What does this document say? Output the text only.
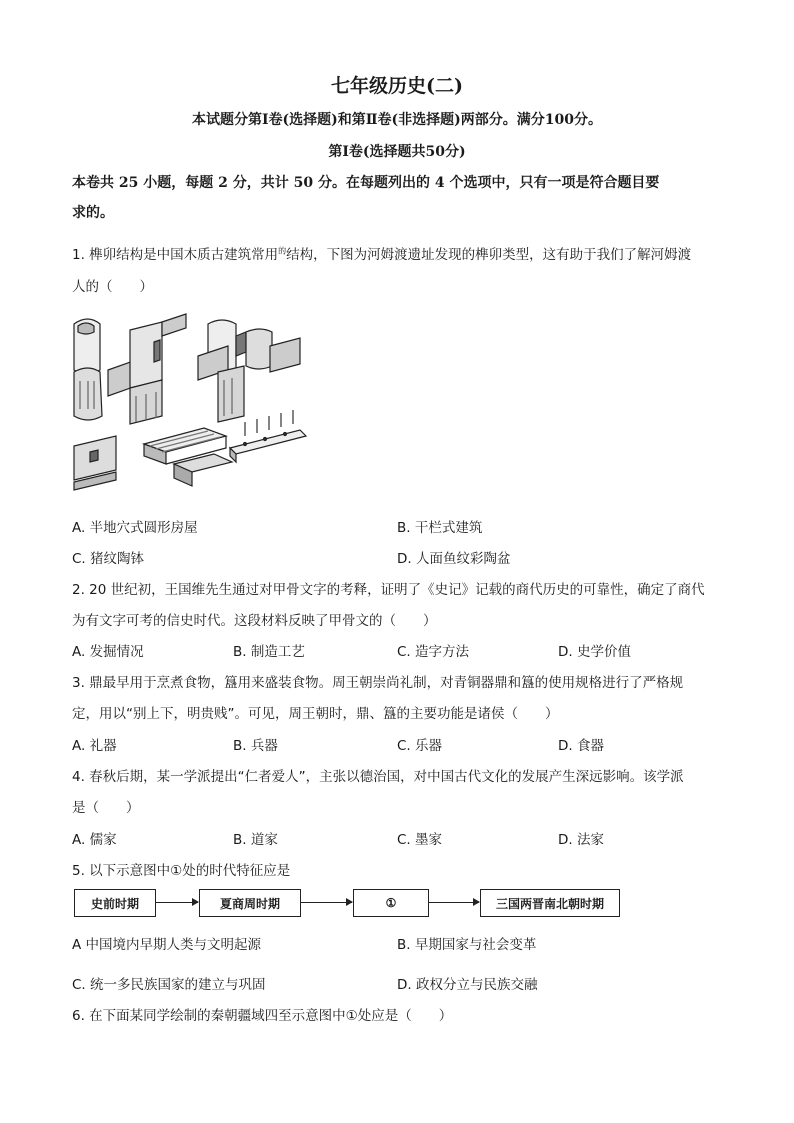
七年级历史(二)
本试题分第Ⅰ卷(选择题)和第Ⅱ卷(非选择题)两部分。满分100分。
第Ⅰ卷(选择题共50分)
本卷共 25 小题，每题 2 分，共计 50 分。在每题列出的 4 个选项中，只有一项是符合题目要
求的。
1. 榫卯结构是中国木质古建筑常用$^的$结构，下图为河姆渡遗址发现的榫卯类型，这有助于我们了解河姆渡
人的（　　）
A. 半地穴式圆形房屋	B. 干栏式建筑
C. 猪纹陶钵	D. 人面鱼纹彩陶盆
2. 20 世纪初，王国维先生通过对甲骨文字的考释，证明了《史记》记载的商代历史的可靠性，确定了商代
为有文字可考的信史时代。这段材料反映了甲骨文的（　　）
A. 发掘情况	B. 制造工艺	C. 造字方法	D. 史学价值
3. 鼎最早用于烹煮食物，簋用来盛装食物。周王朝崇尚礼制，对青铜器鼎和簋的使用规格进行了严格规
定，用以“别上下，明贵贱”。可见，周王朝时，鼎、簋的主要功能是诸侯（　　）
A. 礼器	B. 兵器	C. 乐器	D. 食器
4. 春秋后期，某一学派提出“仁者爱人”，主张以德治国，对中国古代文化的发展产生深远影响。该学派
是（　　）
A. 儒家	B. 道家	C. 墨家	D. 法家
5. 以下示意图中①处的时代特征应是
史前时期	夏商周时期	①	三国两晋南北朝时期
A 中国境内早期人类与文明起源	B. 早期国家与社会变革
C. 统一多民族国家的建立与巩固	D. 政权分立与民族交融
6. 在下面某同学绘制的秦朝疆域四至示意图中①处应是（　　）
